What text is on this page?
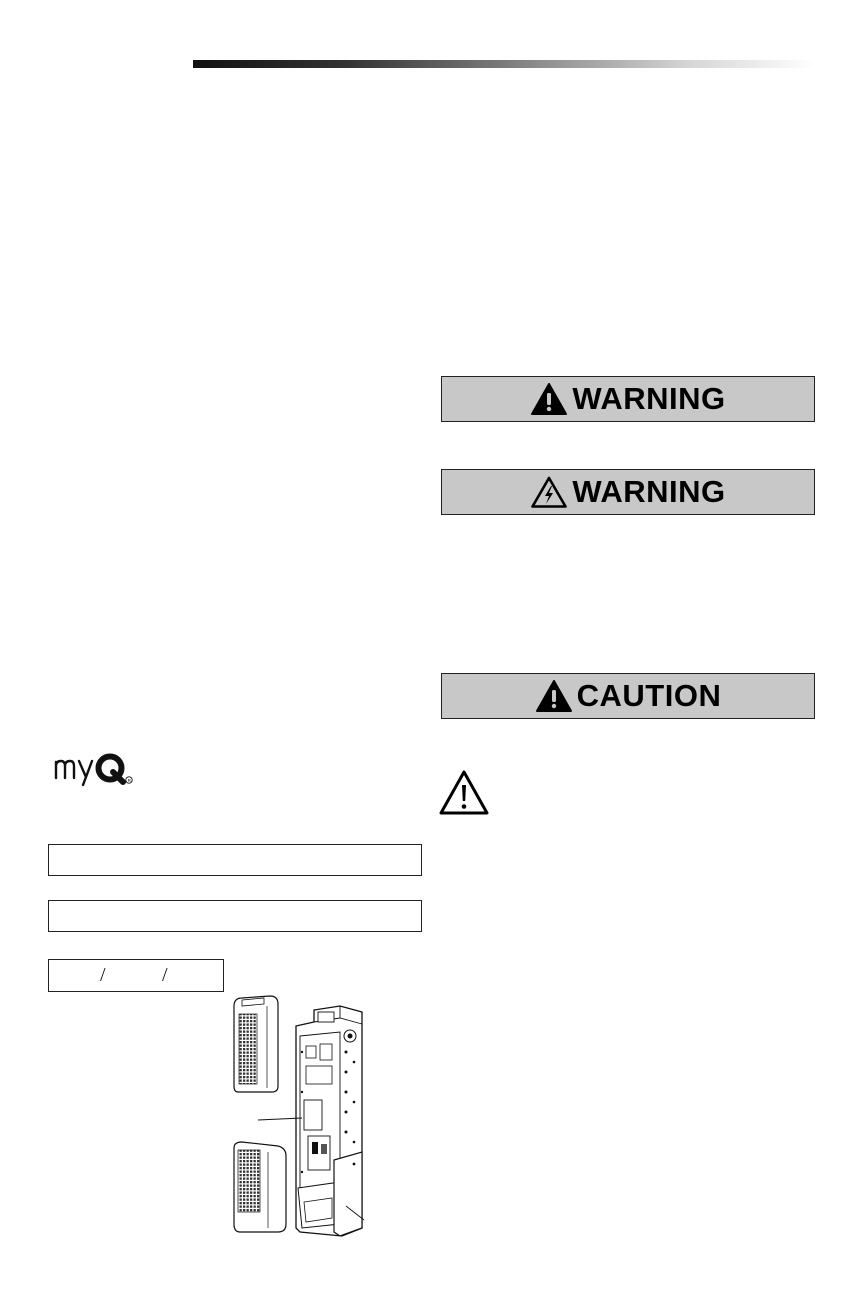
WARNING
WARNING
CAUTION
R
/	/
